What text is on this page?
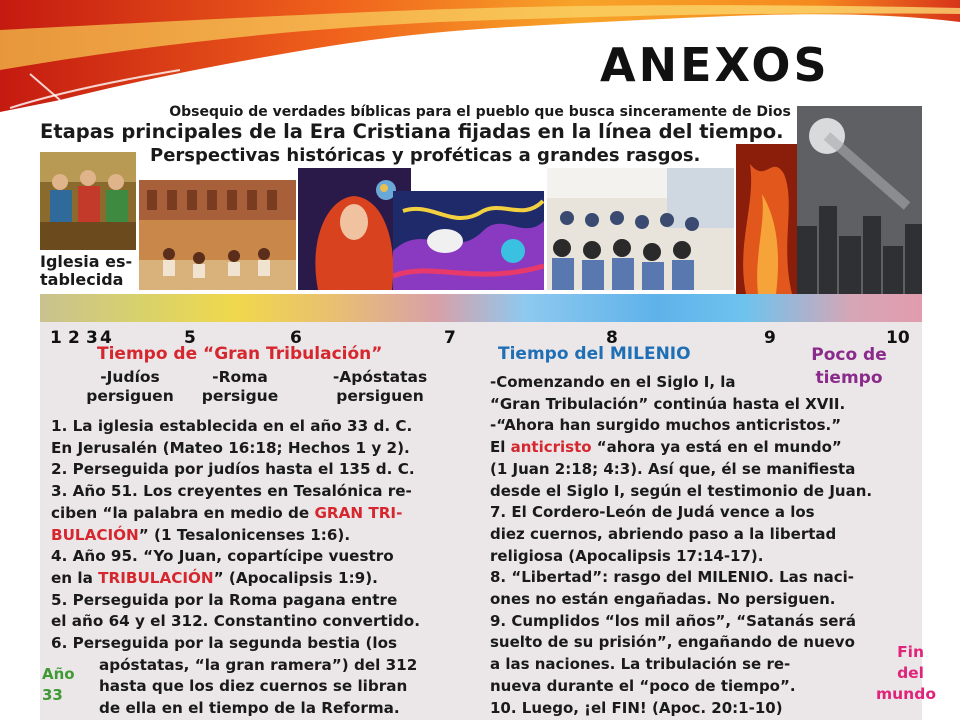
ANEXOS
Obsequio de verdades bíblicas para el pueblo que busca sinceramente de Dios
Etapas principales de la Era Cristiana fijadas en la línea del tiempo.
Perspectivas históricas y proféticas a grandes rasgos.
Iglesia es-
tablecida
1 2 3 4	5	6	7	8	9	10
Tiempo de “Gran Tribulación”	Tiempo del MILENIO	Poco de
tiempo
-Judíos
persiguen
-Roma
persigue
-Apóstatas
persiguen
1. La iglesia establecida en el año 33 d. C.
En Jerusalén (Mateo 16:18; Hechos 1 y 2).
2. Perseguida por judíos hasta el 135 d. C.
3. Año 51. Los creyentes en Tesalónica re-
ciben “la palabra en medio de GRAN TRI-
BULACIÓN” (1 Tesalonicenses 1:6).
4. Año 95. “Yo Juan, copartícipe vuestro
en la TRIBULACIÓN” (Apocalipsis 1:9).
5. Perseguida por la Roma pagana entre
el año 64 y el 312. Constantino convertido.
6. Perseguida por la segunda bestia (los
apóstatas, “la gran ramera”) del 312
hasta que los diez cuernos se libran
de ella en el tiempo de la Reforma.
Año
33
-Comenzando en el Siglo I, la
“Gran Tribulación” continúa hasta el XVII.
-“Ahora han surgido muchos anticristos.”
El anticristo “ahora ya está en el mundo”
(1 Juan 2:18; 4:3). Así que, él se manifiesta
desde el Siglo I, según el testimonio de Juan.
7. El Cordero-León de Judá vence a los
diez cuernos, abriendo paso a la libertad
religiosa (Apocalipsis 17:14-17).
8. “Libertad”: rasgo del MILENIO. Las naci-
ones no están engañadas. No persiguen.
9. Cumplidos “los mil años”, “Satanás será
suelto de su prisión”, engañando de nuevo
a las naciones. La tribulación se re-
nueva durante el “poco de tiempo”.
10. Luego, ¡el FIN! (Apoc. 20:1-10)
Fin
del
mundo
